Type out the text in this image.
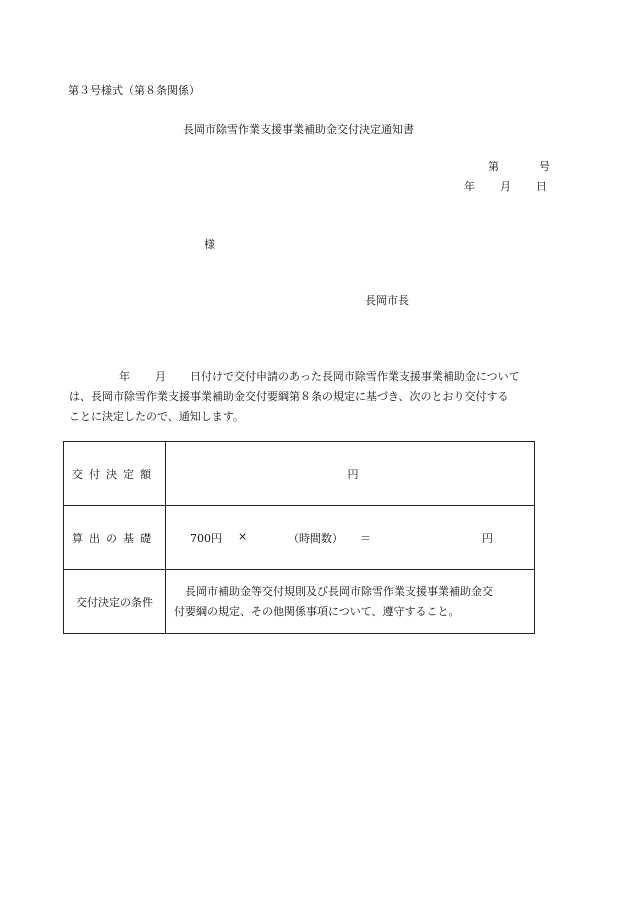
第３号様式（第８条関係）
長岡市除雪作業支援事業補助金交付決定通知書
第	号
年 月 日
様
長岡市長

年 月 日付けで交付申請のあった長岡市除雪作業支援事業補助金について

は、長岡市除雪作業支援事業補助金交付要綱第８条の規定に基づき、次のとおり交付する

ことに決定したので、通知します。

交付決定額	円
算出の基礎	700円 × （時間数） ＝ 円

交付決定の条件	長岡市補助金等交付規則及び長岡市除雪作業支援事業補助金交
付要綱の規定、その他関係事項について、遵守すること。
